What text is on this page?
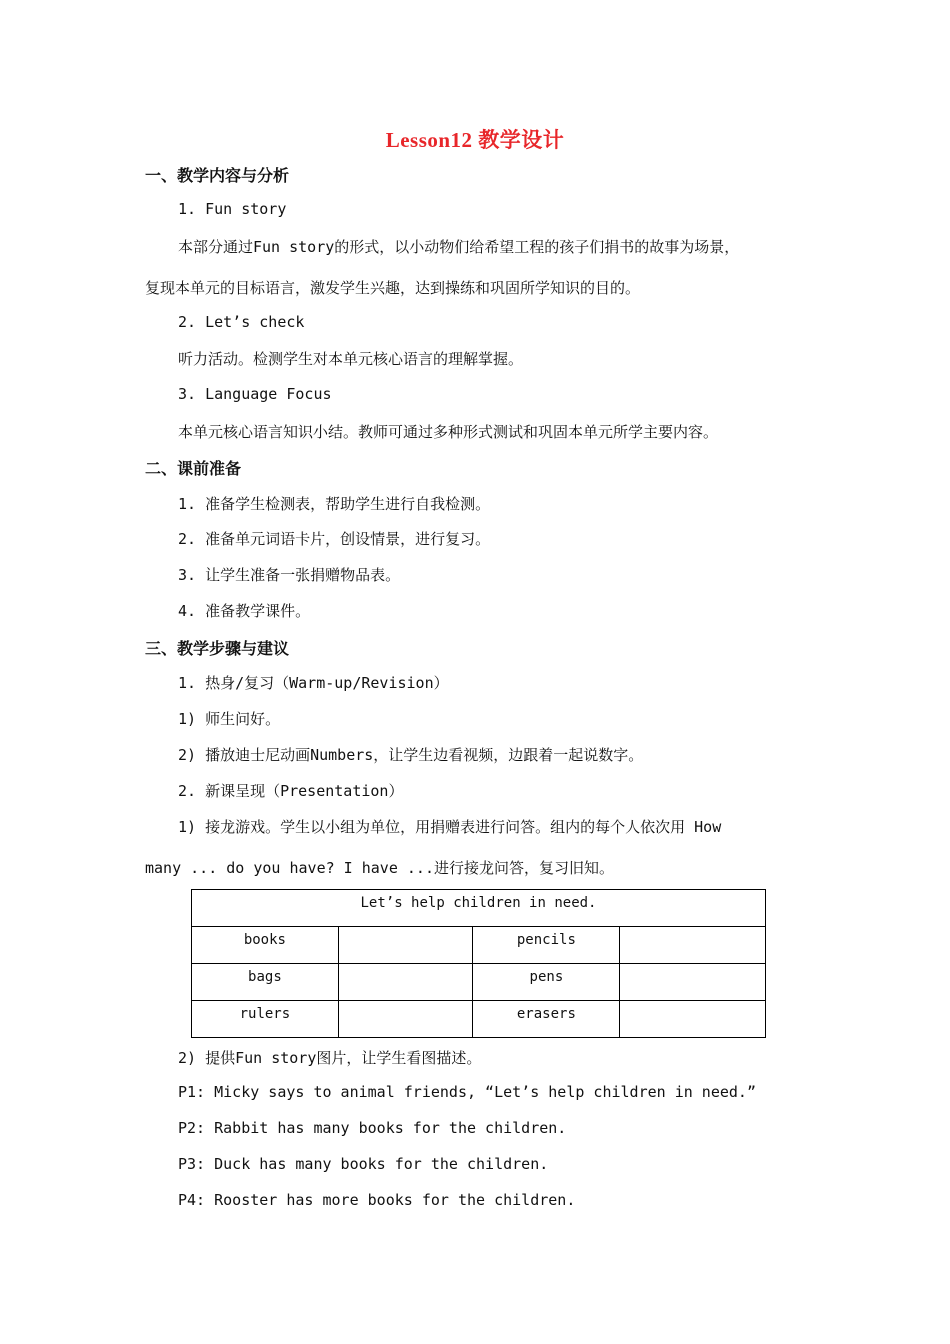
Lesson12 教学设计
一、教学内容与分析
1. Fun story
本部分通过Fun story的形式，以小动物们给希望工程的孩子们捐书的故事为场景，
复现本单元的目标语言，激发学生兴趣，达到操练和巩固所学知识的目的。
2. Let’s check
听力活动。检测学生对本单元核心语言的理解掌握。
3. Language Focus
本单元核心语言知识小结。教师可通过多种形式测试和巩固本单元所学主要内容。
二、课前准备
1. 准备学生检测表，帮助学生进行自我检测。
2. 准备单元词语卡片，创设情景，进行复习。
3. 让学生准备一张捐赠物品表。
4. 准备教学课件。
三、教学步骤与建议
1. 热身/复习（Warm-up/Revision）
1) 师生问好。
2) 播放迪士尼动画Numbers，让学生边看视频，边跟着一起说数字。
2. 新课呈现（Presentation）
1) 接龙游戏。学生以小组为单位，用捐赠表进行问答。组内的每个人依次用 How
many ... do you have? I have ...进行接龙问答，复习旧知。
Let’s help children in need.			
books		pencils	
bags		pens	
rulers		erasers	
2) 提供Fun story图片，让学生看图描述。
P1: Micky says to animal friends, “Let’s help children in need.”
P2: Rabbit has many books for the children.
P3: Duck has many books for the children.
P4: Rooster has more books for the children.
